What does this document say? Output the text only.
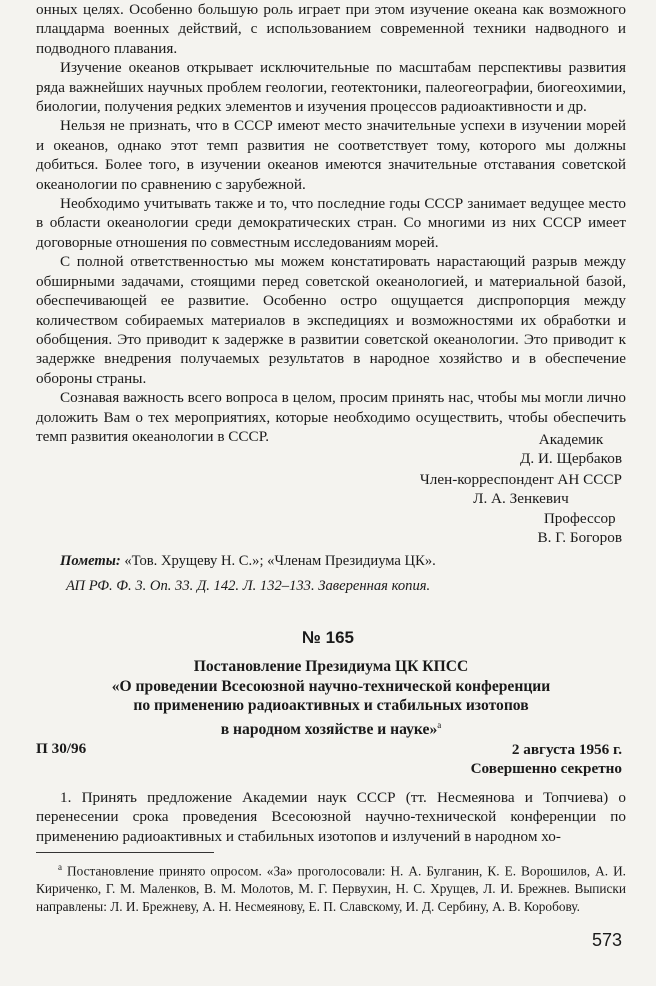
онных целях. Особенно большую роль играет при этом изучение океана как возможного плацдарма военных действий, с использованием современной техники надводного и подводного плавания.

Изучение океанов открывает исключительные по масштабам перспективы развития ряда важнейших научных проблем геологии, геотектоники, палеогеографии, биогеохимии, биологии, получения редких элементов и изучения процессов радиоактивности и др.

Нельзя не признать, что в СССР имеют место значительные успехи в изучении морей и океанов, однако этот темп развития не соответствует тому, которого мы должны добиться. Более того, в изучении океанов имеются значительные отставания советской океанологии по сравнению с зарубежной.

Необходимо учитывать также и то, что последние годы СССР занимает ведущее место в области океанологии среди демократических стран. Со многими из них СССР имеет договорные отношения по совместным исследованиям морей.

С полной ответственностью мы можем констатировать нарастающий разрыв между обширными задачами, стоящими перед советской океанологией, и материальной базой, обеспечивающей ее развитие. Особенно остро ощущается диспропорция между количеством собираемых материалов в экспедициях и возможностями их обработки и обобщения. Это приводит к задержке в развитии советской океанологии. Это приводит к задержке внедрения получаемых результатов в народное хозяйство и в обеспечение обороны страны.

Сознавая важность всего вопроса в целом, просим принять нас, чтобы мы могли лично доложить Вам о тех мероприятиях, которые необходимо осуществить, чтобы обеспечить темп развития океанологии в СССР.	Академик
Д. И. Щербаков
Член-корреспондент АН СССР
Л. А. Зенкевич
Профессор
В. Г. Богоров
Пометы: «Тов. Хрущеву Н. С.»; «Членам Президиума ЦК».
АП РФ. Ф. 3. Оп. 33. Д. 142. Л. 132–133. Заверенная копия.
№ 165
Постановление Президиума ЦК КПСС
«О проведении Всесоюзной научно-технической конференции
по применению радиоактивных и стабильных изотопов
в народном хозяйстве и науке»$^а$
П 30/96	2 августа 1956 г.
Совершенно секретно

1. Принять предложение Академии наук СССР (тт. Несмеянова и Топчиева) о перенесении срока проведения Всесоюзной научно-технической конференции по применению радиоактивных и стабильных изотопов и излучений в народном хо-

$^а$ Постановление принято опросом. «За» проголосовали: Н. А. Булганин, К. Е. Ворошилов, А. И. Кириченко, Г. М. Маленков, В. М. Молотов, М. Г. Первухин, Н. С. Хрущев, Л. И. Брежнев. Выписки направлены: Л. И. Брежневу, А. Н. Несмеянову, Е. П. Славскому, И. Д. Сербину, А. В. Коробову.
573
